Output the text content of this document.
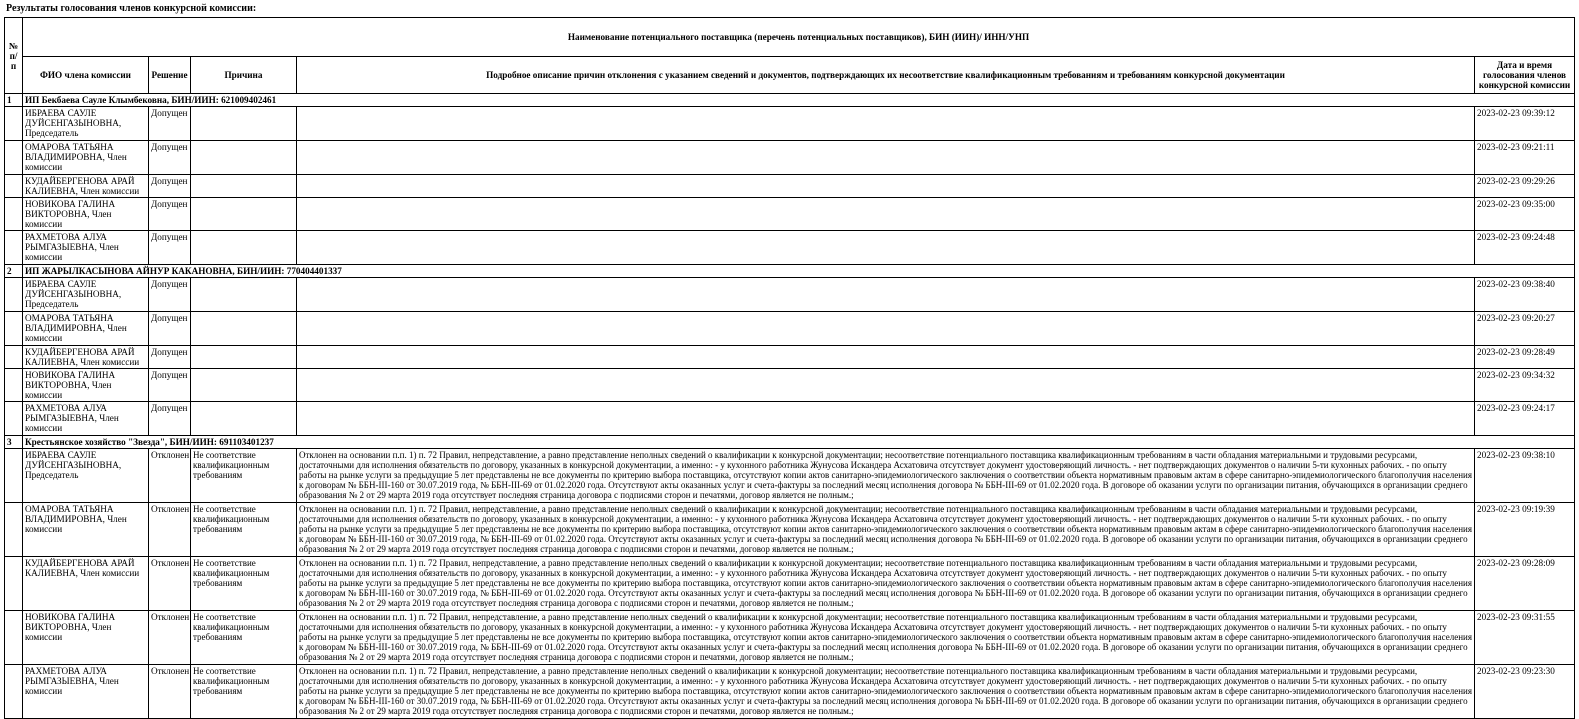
Результаты голосования членов конкурсной комиссии:
№ п/п	Наименование потенциального поставщика (перечень потенциальных поставщиков), БИН (ИИН)/ ИНН/УНП				
	ФИО члена комиссии	Решение	Причина	Подробное описание причин отклонения с указанием сведений и документов, подтверждающих их несоответствие квалификационным требованиям и требованиям конкурсной документации	Дата и время голосования членов конкурсной комиссии
1	ИП Бекбаева Сауле Клымбековна, БИН/ИИН: 621009402461				
	ИБРАЕВА САУЛЕ ДУЙСЕНГАЗЫНОВНА, Председатель	Допущен			2023-02-23 09:39:12
	ОМАРОВА ТАТЬЯНА ВЛАДИМИРОВНА, Член комиссии	Допущен			2023-02-23 09:21:11
	КУДАЙБЕРГЕНОВА АРАЙ КАЛИЕВНА, Член комиссии	Допущен			2023-02-23 09:29:26
	НОВИКОВА ГАЛИНА ВИКТОРОВНА, Член комиссии	Допущен			2023-02-23 09:35:00
	РАХМЕТОВА АЛУА РЫМГАЗЫЕВНА, Член комиссии	Допущен			2023-02-23 09:24:48
2	ИП ЖАРЫЛКАСЫНОВА АЙНУР КАКАНОВНА, БИН/ИИН: 770404401337				
	ИБРАЕВА САУЛЕ ДУЙСЕНГАЗЫНОВНА, Председатель	Допущен			2023-02-23 09:38:40
	ОМАРОВА ТАТЬЯНА ВЛАДИМИРОВНА, Член комиссии	Допущен			2023-02-23 09:20:27
	КУДАЙБЕРГЕНОВА АРАЙ КАЛИЕВНА, Член комиссии	Допущен			2023-02-23 09:28:49
	НОВИКОВА ГАЛИНА ВИКТОРОВНА, Член комиссии	Допущен			2023-02-23 09:34:32
	РАХМЕТОВА АЛУА РЫМГАЗЫЕВНА, Член комиссии	Допущен			2023-02-23 09:24:17
3	Крестьянское хозяйство "Звезда", БИН/ИИН: 691103401237				
	ИБРАЕВА САУЛЕ ДУЙСЕНГАЗЫНОВНА, Председатель	Отклонен	Не соответствие квалификационным требованиям	Отклонен на основании п.п. 1) п. 72 Правил, непредставление, а равно представление неполных сведений о квалификации к конкурсной документации; несоответствие потенциального поставщика квалификационным требованиям в части обладания материальными и трудовыми ресурсами, достаточными для исполнения обязательств по договору, указанных в конкурсной документации, а именно: - у кухонного работника Жунусова Искандера Асхатовича отсутствует документ удостоверяющий личность. - нет подтверждающих документов о наличии 5-ти кухонных рабочих. - по опыту работы на рынке услуги за предыдущие 5 лет представлены не все документы по критерию выбора поставщика, отсутствуют копии актов санитарно-эпидемиологического заключения о соответствии объекта нормативным правовым актам в сфере санитарно-эпидемиологического благополучия населения к договорам № ББН-III-160 от 30.07.2019 года, № ББН-III-69 от 01.02.2020 года. Отсутствуют акты оказанных услуг и счета-фактуры за последний месяц исполнения договора № ББН-III-69 от 01.02.2020 года. В договоре об оказании услуги по организации питания, обучающихся в организации среднего образования № 2 от 29 марта 2019 года отсутствует последняя страница договора с подписями сторон и печатями, договор является не полным.;	2023-02-23 09:38:10
	ОМАРОВА ТАТЬЯНА ВЛАДИМИРОВНА, Член комиссии	Отклонен	Не соответствие квалификационным требованиям	Отклонен на основании п.п. 1) п. 72 Правил, непредставление, а равно представление неполных сведений о квалификации к конкурсной документации; несоответствие потенциального поставщика квалификационным требованиям в части обладания материальными и трудовыми ресурсами, достаточными для исполнения обязательств по договору, указанных в конкурсной документации, а именно: - у кухонного работника Жунусова Искандера Асхатовича отсутствует документ удостоверяющий личность. - нет подтверждающих документов о наличии 5-ти кухонных рабочих. - по опыту работы на рынке услуги за предыдущие 5 лет представлены не все документы по критерию выбора поставщика, отсутствуют копии актов санитарно-эпидемиологического заключения о соответствии объекта нормативным правовым актам в сфере санитарно-эпидемиологического благополучия населения к договорам № ББН-III-160 от 30.07.2019 года, № ББН-III-69 от 01.02.2020 года. Отсутствуют акты оказанных услуг и счета-фактуры за последний месяц исполнения договора № ББН-III-69 от 01.02.2020 года. В договоре об оказании услуги по организации питания, обучающихся в организации среднего образования № 2 от 29 марта 2019 года отсутствует последняя страница договора с подписями сторон и печатями, договор является не полным.;	2023-02-23 09:19:39
	КУДАЙБЕРГЕНОВА АРАЙ КАЛИЕВНА, Член комиссии	Отклонен	Не соответствие квалификационным требованиям	Отклонен на основании п.п. 1) п. 72 Правил, непредставление, а равно представление неполных сведений о квалификации к конкурсной документации; несоответствие потенциального поставщика квалификационным требованиям в части обладания материальными и трудовыми ресурсами, достаточными для исполнения обязательств по договору, указанных в конкурсной документации, а именно: - у кухонного работника Жунусова Искандера Асхатовича отсутствует документ удостоверяющий личность. - нет подтверждающих документов о наличии 5-ти кухонных рабочих. - по опыту работы на рынке услуги за предыдущие 5 лет представлены не все документы по критерию выбора поставщика, отсутствуют копии актов санитарно-эпидемиологического заключения о соответствии объекта нормативным правовым актам в сфере санитарно-эпидемиологического благополучия населения к договорам № ББН-III-160 от 30.07.2019 года, № ББН-III-69 от 01.02.2020 года. Отсутствуют акты оказанных услуг и счета-фактуры за последний месяц исполнения договора № ББН-III-69 от 01.02.2020 года. В договоре об оказании услуги по организации питания, обучающихся в организации среднего образования № 2 от 29 марта 2019 года отсутствует последняя страница договора с подписями сторон и печатями, договор является не полным.;	2023-02-23 09:28:09
	НОВИКОВА ГАЛИНА ВИКТОРОВНА, Член комиссии	Отклонен	Не соответствие квалификационным требованиям	Отклонен на основании п.п. 1) п. 72 Правил, непредставление, а равно представление неполных сведений о квалификации к конкурсной документации; несоответствие потенциального поставщика квалификационным требованиям в части обладания материальными и трудовыми ресурсами, достаточными для исполнения обязательств по договору, указанных в конкурсной документации, а именно: - у кухонного работника Жунусова Искандера Асхатовича отсутствует документ удостоверяющий личность. - нет подтверждающих документов о наличии 5-ти кухонных рабочих. - по опыту работы на рынке услуги за предыдущие 5 лет представлены не все документы по критерию выбора поставщика, отсутствуют копии актов санитарно-эпидемиологического заключения о соответствии объекта нормативным правовым актам в сфере санитарно-эпидемиологического благополучия населения к договорам № ББН-III-160 от 30.07.2019 года, № ББН-III-69 от 01.02.2020 года. Отсутствуют акты оказанных услуг и счета-фактуры за последний месяц исполнения договора № ББН-III-69 от 01.02.2020 года. В договоре об оказании услуги по организации питания, обучающихся в организации среднего образования № 2 от 29 марта 2019 года отсутствует последняя страница договора с подписями сторон и печатями, договор является не полным.;	2023-02-23 09:31:55
	РАХМЕТОВА АЛУА РЫМГАЗЫЕВНА, Член комиссии	Отклонен	Не соответствие квалификационным требованиям	Отклонен на основании п.п. 1) п. 72 Правил, непредставление, а равно представление неполных сведений о квалификации к конкурсной документации; несоответствие потенциального поставщика квалификационным требованиям в части обладания материальными и трудовыми ресурсами, достаточными для исполнения обязательств по договору, указанных в конкурсной документации, а именно: - у кухонного работника Жунусова Искандера Асхатовича отсутствует документ удостоверяющий личность. - нет подтверждающих документов о наличии 5-ти кухонных рабочих. - по опыту работы на рынке услуги за предыдущие 5 лет представлены не все документы по критерию выбора поставщика, отсутствуют копии актов санитарно-эпидемиологического заключения о соответствии объекта нормативным правовым актам в сфере санитарно-эпидемиологического благополучия населения к договорам № ББН-III-160 от 30.07.2019 года, № ББН-III-69 от 01.02.2020 года. Отсутствуют акты оказанных услуг и счета-фактуры за последний месяц исполнения договора № ББН-III-69 от 01.02.2020 года. В договоре об оказании услуги по организации питания, обучающихся в организации среднего образования № 2 от 29 марта 2019 года отсутствует последняя страница договора с подписями сторон и печатями, договор является не полным.;	2023-02-23 09:23:30
